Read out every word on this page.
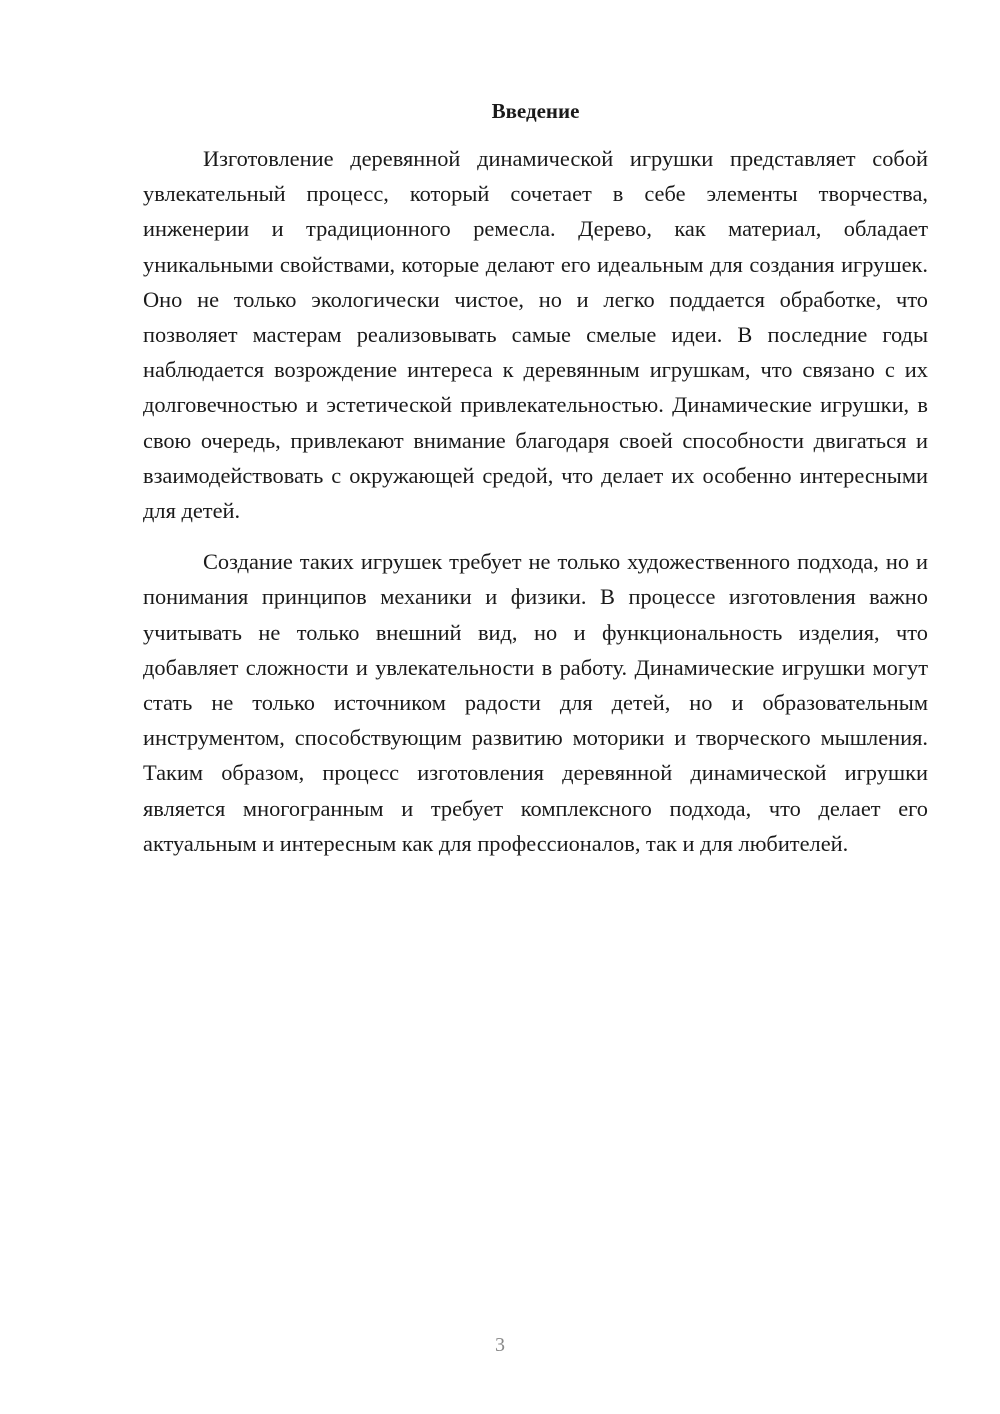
Введение

Изготовление деревянной динамической игрушки представляет собой увлекательный процесс, который сочетает в себе элементы творчества, инженерии и традиционного ремесла. Дерево, как материал, обладает уникальными свойствами, которые делают его идеальным для создания игрушек. Оно не только экологически чистое, но и легко поддается обработке, что позволяет мастерам реализовывать самые смелые идеи. В последние годы наблюдается возрождение интереса к деревянным игрушкам, что связано с их долговечностью и эстетической привлекательностью. Динамические игрушки, в свою очередь, привлекают внимание благодаря своей способности двигаться и взаимодействовать с окружающей средой, что делает их особенно интересными для детей.

Создание таких игрушек требует не только художественного подхода, но и понимания принципов механики и физики. В процессе изготовления важно учитывать не только внешний вид, но и функциональность изделия, что добавляет сложности и увлекательности в работу. Динамические игрушки могут стать не только источником радости для детей, но и образовательным инструментом, способствующим развитию моторики и творческого мышления. Таким образом, процесс изготовления деревянной динамической игрушки является многогранным и требует комплексного подхода, что делает его актуальным и интересным как для профессионалов, так и для любителей.

3
